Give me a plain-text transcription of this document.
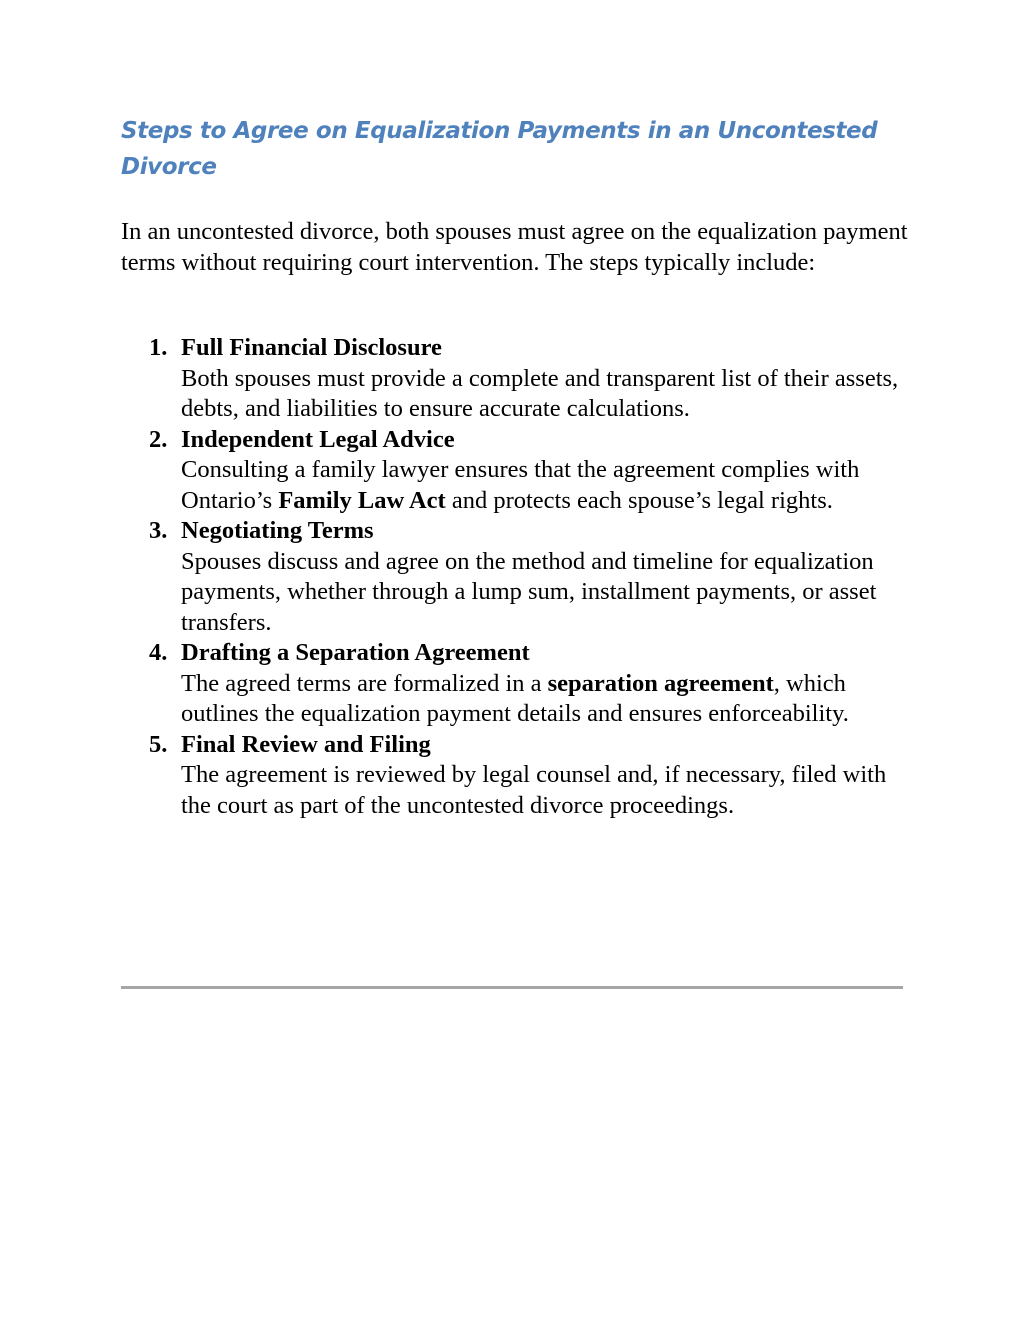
Steps to Agree on Equalization Payments in an Uncontested Divorce

In an uncontested divorce, both spouses must agree on the equalization payment terms without requiring court intervention. The steps typically include:

1. Full Financial Disclosure
Both spouses must provide a complete and transparent list of their assets, debts, and liabilities to ensure accurate calculations.
2. Independent Legal Advice
Consulting a family lawyer ensures that the agreement complies with Ontario’s Family Law Act and protects each spouse’s legal rights.
3. Negotiating Terms
Spouses discuss and agree on the method and timeline for equalization payments, whether through a lump sum, installment payments, or asset transfers.
4. Drafting a Separation Agreement
The agreed terms are formalized in a separation agreement, which outlines the equalization payment details and ensures enforceability.
5. Final Review and Filing
The agreement is reviewed by legal counsel and, if necessary, filed with the court as part of the uncontested divorce proceedings.
